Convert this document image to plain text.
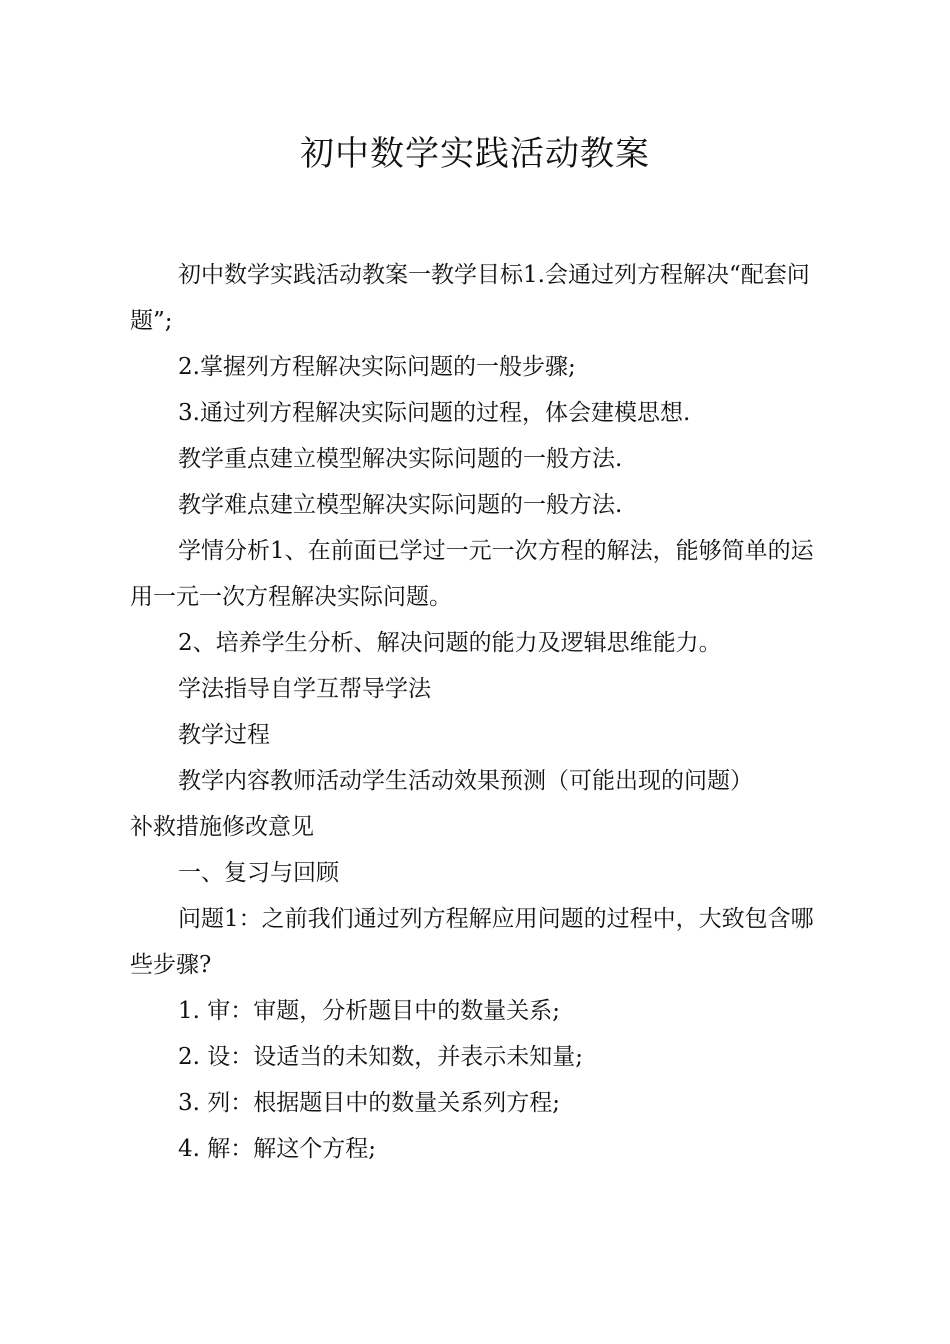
初中数学实践活动教案

初中数学实践活动教案一教学目标1.会通过列方程解决“配套问题”;

2.掌握列方程解决实际问题的一般步骤;

3.通过列方程解决实际问题的过程，体会建模思想.

教学重点建立模型解决实际问题的一般方法.

教学难点建立模型解决实际问题的一般方法.

学情分析1、在前面已学过一元一次方程的解法，能够简单的运用一元一次方程解决实际问题。

2、培养学生分析、解决问题的能力及逻辑思维能力。

学法指导自学互帮导学法

教学过程

教学内容教师活动学生活动效果预测（可能出现的问题）

补救措施修改意见

一、复习与回顾

问题1：之前我们通过列方程解应用问题的过程中，大致包含哪些步骤?

1. 审：审题，分析题目中的数量关系;

2. 设：设适当的未知数，并表示未知量;

3. 列：根据题目中的数量关系列方程;

4. 解：解这个方程;
